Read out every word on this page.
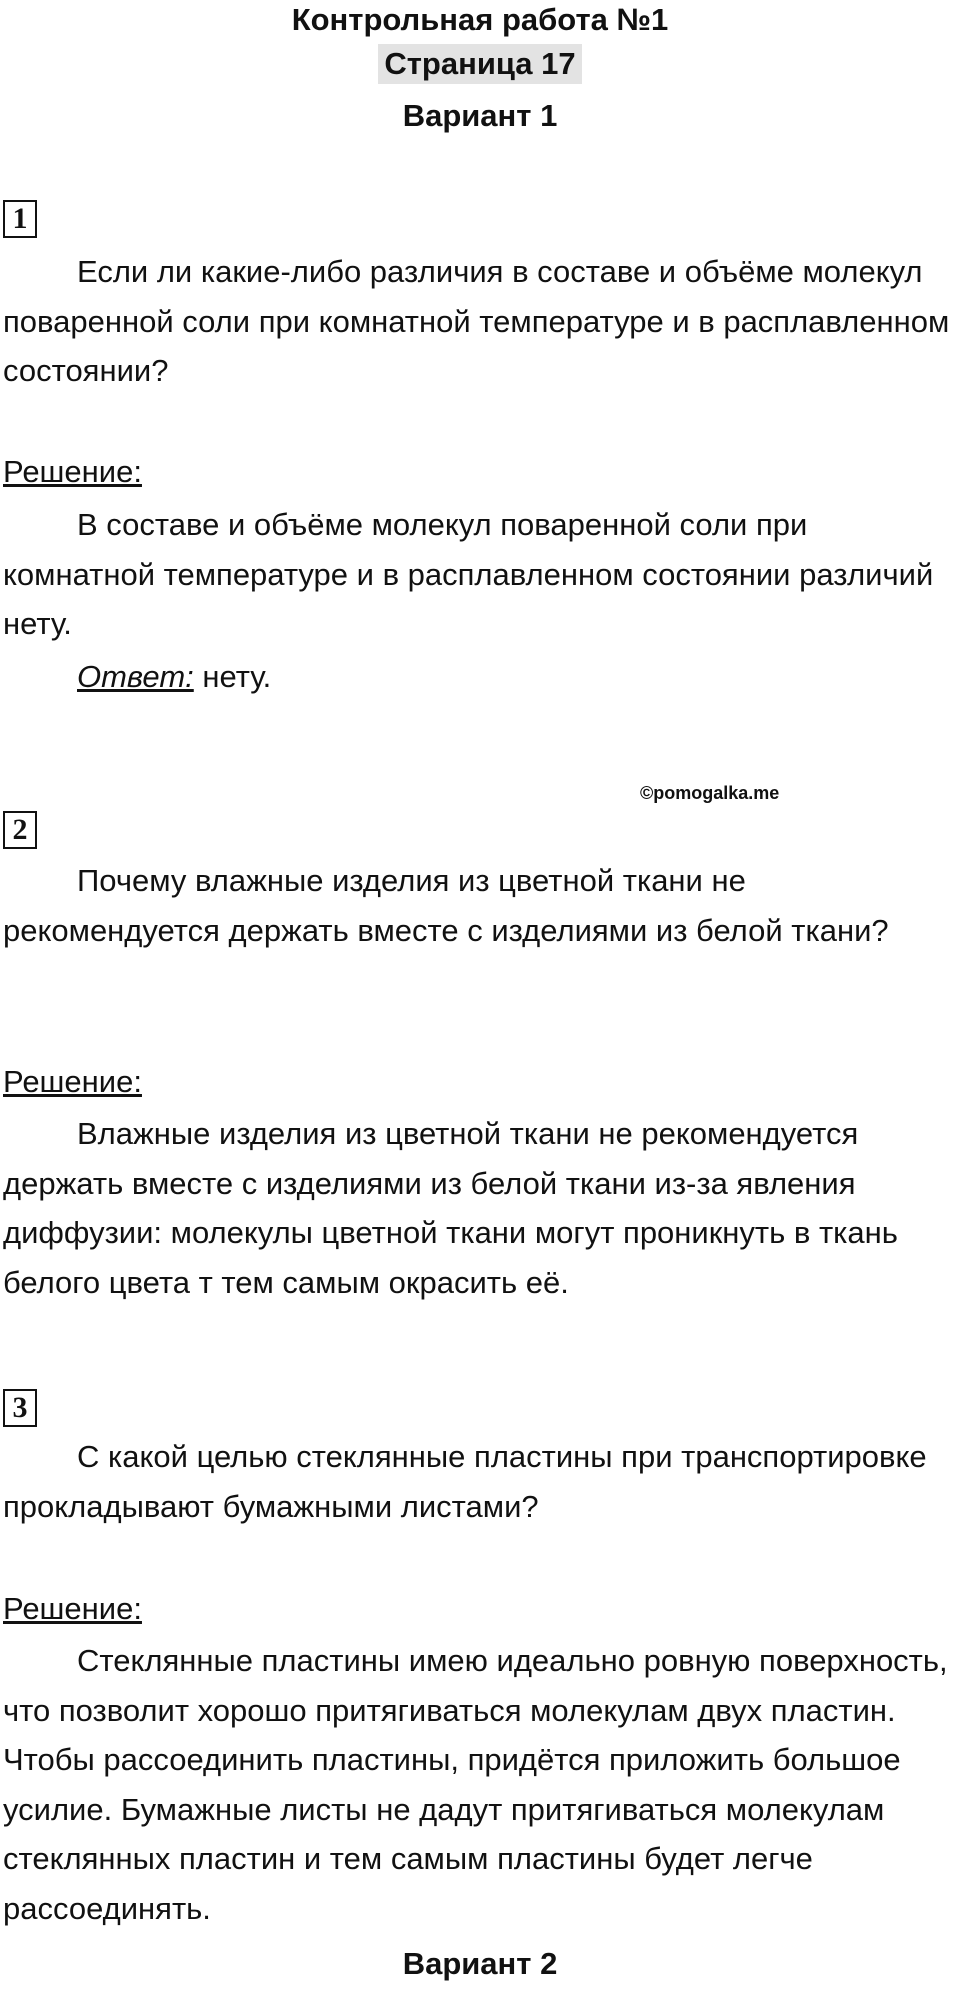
Контрольная работа №1
Страница 17
Вариант 1
1

Если ли какие-либо различия в составе и объёме молекул поваренной соли при комнатной температуре и в расплавленном состоянии?

Решение:

В составе и объёме молекул поваренной соли при комнатной температуре и в расплавленном состоянии различий нету.

Ответ: нету.
©pomogalka.me
2

Почему влажные изделия из цветной ткани не рекомендуется держать вместе с изделиями из белой ткани?

Решение:

Влажные изделия из цветной ткани не рекомендуется держать вместе с изделиями из белой ткани из-за явления диффузии: молекулы цветной ткани могут проникнуть в ткань белого цвета т тем самым окрасить её.

3

С какой целью стеклянные пластины при транспортировке прокладывают бумажными листами?

Решение:

Стеклянные пластины имею идеально ровную поверхность, что позволит хорошо притягиваться молекулам двух пластин. Чтобы рассоединить пластины, придётся приложить большое усилие. Бумажные листы не дадут притягиваться молекулам стеклянных пластин и тем самым пластины будет легче рассоединять.

Вариант 2
